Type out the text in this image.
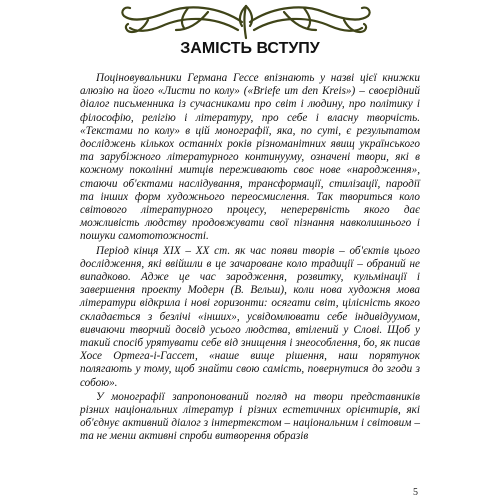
ЗАМІСТЬ ВСТУПУ

Поціновувальники Германа Гессе впізнають у назві цієї книжки алюзію на його «Листи по колу» («Briefe um den Kreis») – своєрідний діалог письменника із сучасниками про світ і людину, про політику і філософію, релігію і літературу, про себе і власну творчість. «Текстами по колу» в цій монографії, яка, по суті, є результатом досліджень кількох останніх років різноманітних явищ українського та зарубіжного літературного континууму, означені твори, які в кожному поколінні митців переживають своє нове «народження», стаючи об'єктами наслідування, трансформації, стилізації, пародії та інших форм художнього переосмислення. Так твориться коло світового літературного процесу, неперервність якого дає можливість людству продовжувати свої пізнання навколишнього і пошуки самототожності.

Період кінця XIX – XX ст. як час появи творів – об'єктів цього дослідження, які ввійшли в це зачароване коло традиції – обраний не випадково. Адже це час зародження, розвитку, кульмінації і завершення проекту Модерн (В. Вельш), коли нова художня мова літератури відкрила і нові горизонти: осягати світ, цілісність якого складається з безлічі «інших», усвідомлювати себе індивідуумом, вивчаючи творчий досвід усього людства, втілений у Слові. Щоб у такий спосіб урятувати себе від знищення і знеособлення, бо, як писав Хосе Ортега-і-Гассет, «наше вище рішення, наш порятунок полягають у тому, щоб знайти свою самість, повернутися до згоди з собою».

У монографії запропонований погляд на твори представників різних національних літератур і різних естетичних орієнтирів, які об'єднує активний діалог з інтертекстом – національним і світовим – та не менш активні спроби витворення образів

5
